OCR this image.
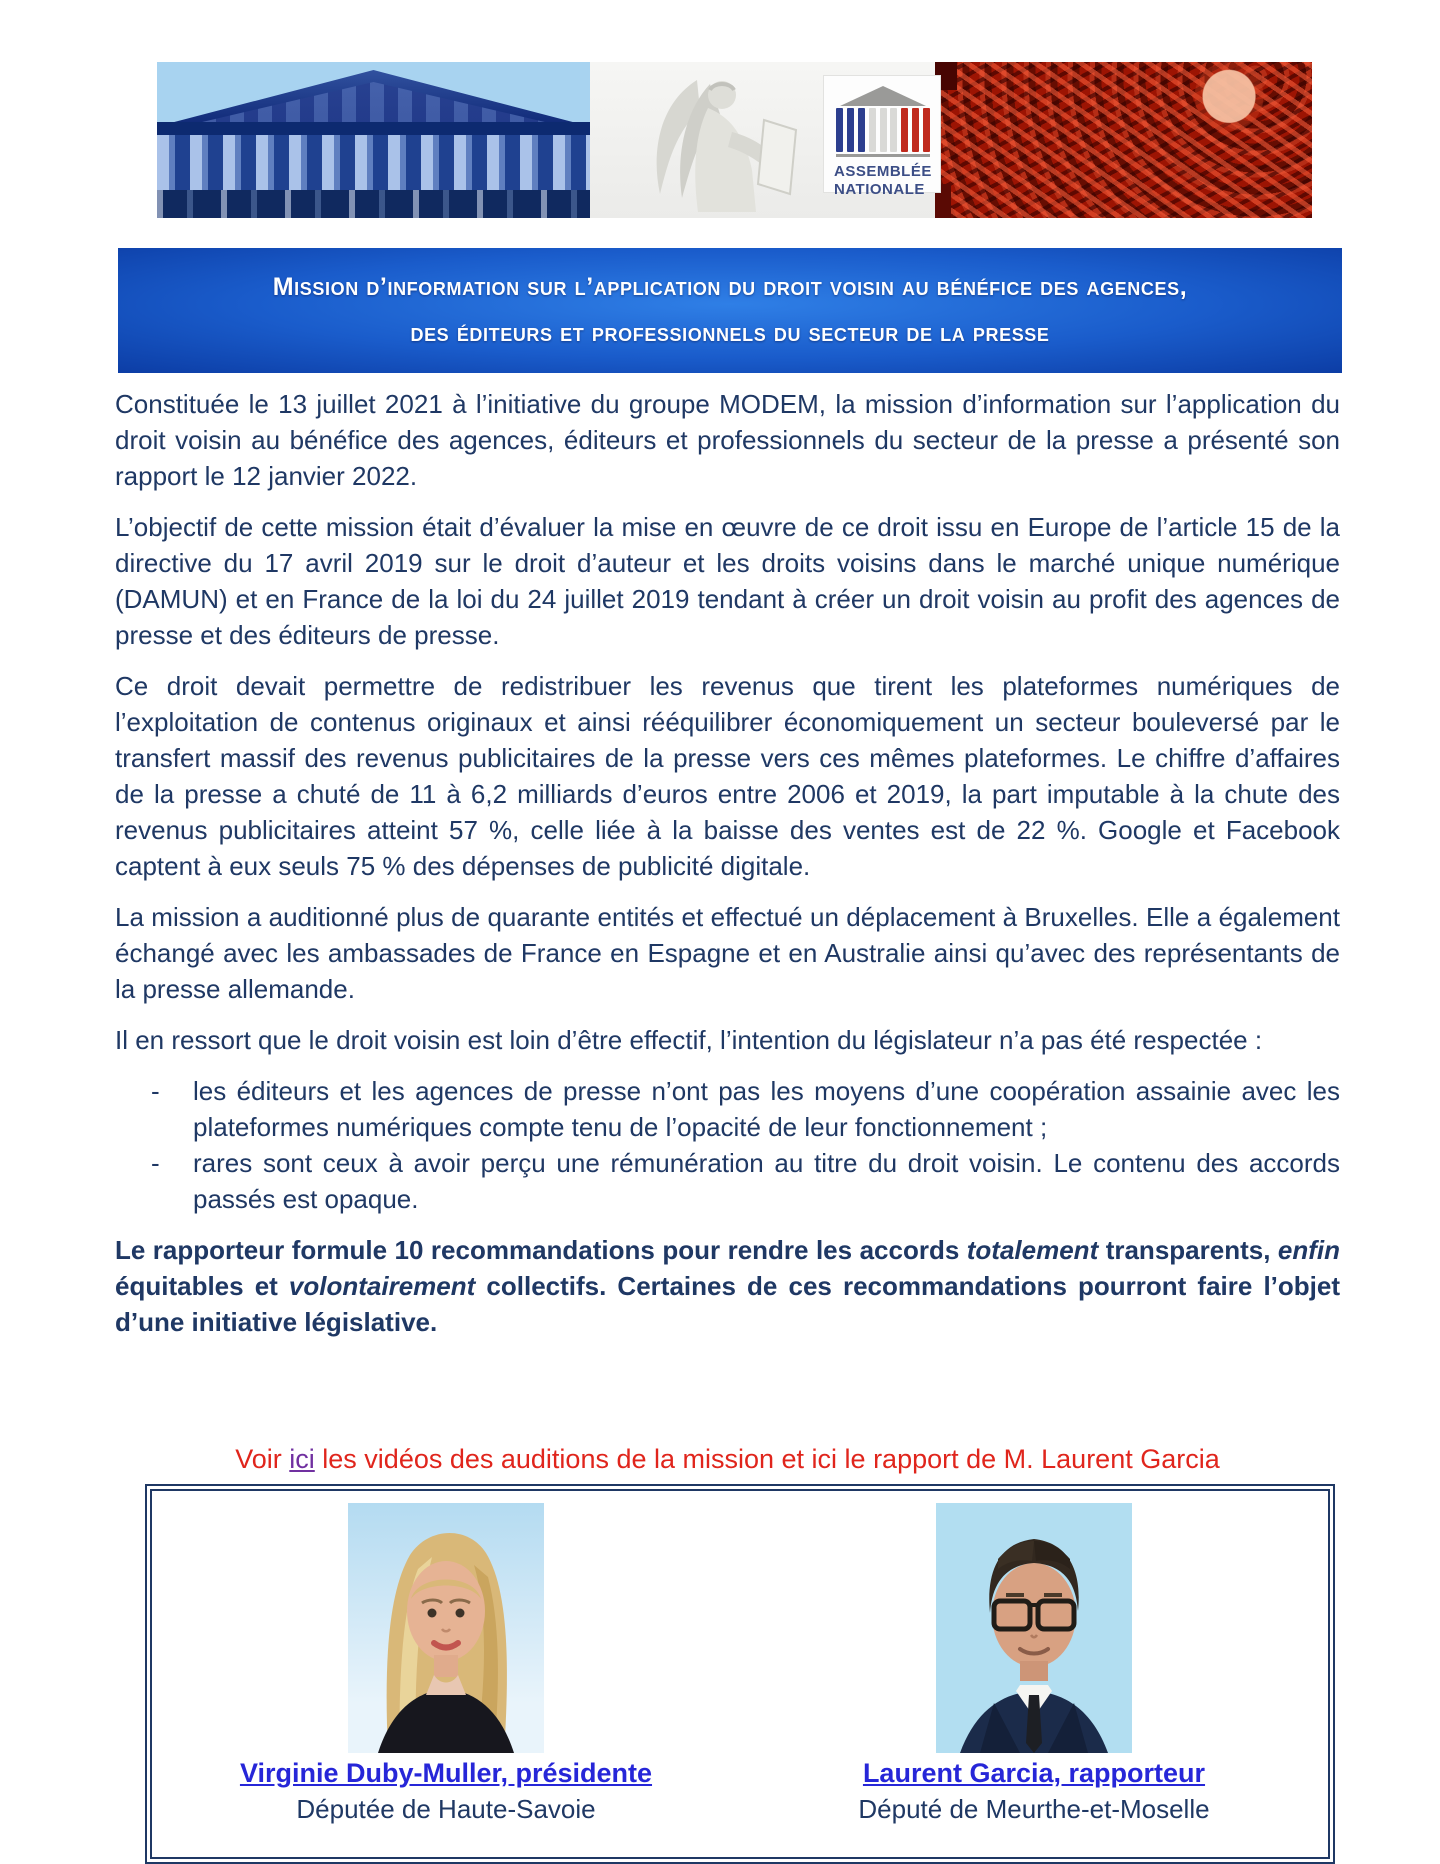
ASSEMBLÉE
NATIONALE
Mission d’information sur l’application du droit voisin au bénéfice des agences,
des éditeurs et professionnels du secteur de la presse

Constituée le 13 juillet 2021 à l’initiative du groupe MODEM, la mission d’information sur l’application du droit voisin au bénéfice des agences, éditeurs et professionnels du secteur de la presse a présenté son rapport le 12 janvier 2022.

L’objectif de cette mission était d’évaluer la mise en œuvre de ce droit issu en Europe de l’article 15 de la directive du 17 avril 2019 sur le droit d’auteur et les droits voisins dans le marché unique numérique (DAMUN) et en France de la loi du 24 juillet 2019 tendant à créer un droit voisin au profit des agences de presse et des éditeurs de presse.

Ce droit devait permettre de redistribuer les revenus que tirent les plateformes numériques de l’exploitation de contenus originaux et ainsi rééquilibrer économiquement un secteur bouleversé par le transfert massif des revenus publicitaires de la presse vers ces mêmes plateformes. Le chiffre d’affaires de la presse a chuté de 11 à 6,2 milliards d’euros entre 2006 et 2019, la part imputable à la chute des revenus publicitaires atteint 57 %, celle liée à la baisse des ventes est de 22 %. Google et Facebook captent à eux seuls 75 % des dépenses de publicité digitale.

La mission a auditionné plus de quarante entités et effectué un déplacement à Bruxelles. Elle a également échangé avec les ambassades de France en Espagne et en Australie ainsi qu’avec des représentants de la presse allemande.

Il en ressort que le droit voisin est loin d’être effectif, l’intention du législateur n’a pas été respectée :

-	les éditeurs et les agences de presse n’ont pas les moyens d’une coopération assainie avec les plateformes numériques compte tenu de l’opacité de leur fonctionnement ;
-	rares sont ceux à avoir perçu une rémunération au titre du droit voisin. Le contenu des accords passés est opaque.

Le rapporteur formule 10 recommandations pour rendre les accords totalement transparents, enfin équitables et volontairement collectifs. Certaines de ces recommandations pourront faire l’objet d’une initiative législative.

Voir ici les vidéos des auditions de la mission et ici le rapport de M. Laurent Garcia
Virginie Duby-Muller, présidente
Députée de Haute-Savoie
Laurent Garcia, rapporteur
Député de Meurthe-et-Moselle
